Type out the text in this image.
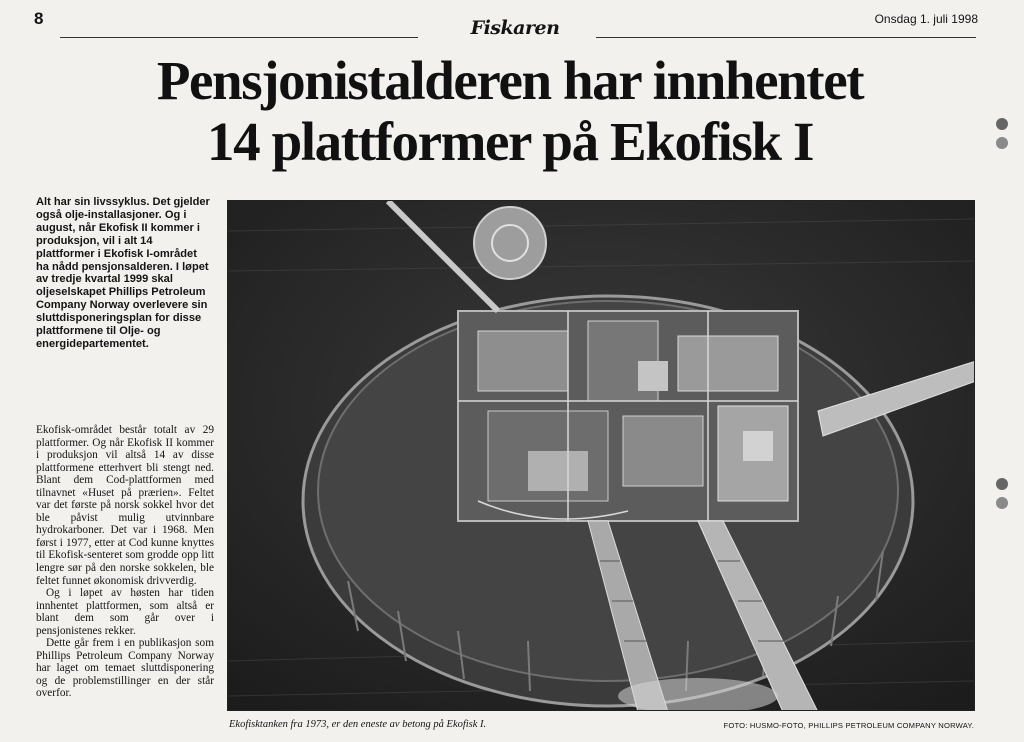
8	Fiskaren	Onsdag 1. juli 1998
Pensjonistalderen har innhentet
14 plattformer på Ekofisk I

Alt har sin livssyklus. Det gjelder også olje-installasjoner. Og i august, når Ekofisk II kommer i produksjon, vil i alt 14 plattformer i Ekofisk I-området ha nådd pensjonsalderen. I løpet av tredje kvartal 1999 skal oljeselskapet Phillips Petroleum Company Norway overlevere sin sluttdisponeringsplan for disse plattformene til Olje- og energidepartementet.

Ekofisk-området består totalt av 29 plattformer. Og når Ekofisk II kommer i produksjon vil altså 14 av disse plattformene etterhvert bli stengt ned. Blant dem Cod-plattformen med tilnavnet «Huset på prærien». Feltet var det første på norsk sokkel hvor det ble påvist mulig utvinnbare hydrokarboner. Det var i 1968. Men først i 1977, etter at Cod kunne knyttes til Ekofisk-senteret som grodde opp litt lengre sør på den norske sokkelen, ble feltet funnet økonomisk drivverdig.

Og i løpet av høsten har tiden innhentet plattformen, som altså er blant dem som går over i pensjonistenes rekker.

Dette går frem i en publikasjon som Phillips Petroleum Company Norway har laget om temaet sluttdisponering og de problemstillinger en der står overfor.

Ekofisktanken fra 1973, er den eneste av betong på Ekofisk I.	FOTO: HUSMO-FOTO, PHILLIPS PETROLEUM COMPANY NORWAY.
